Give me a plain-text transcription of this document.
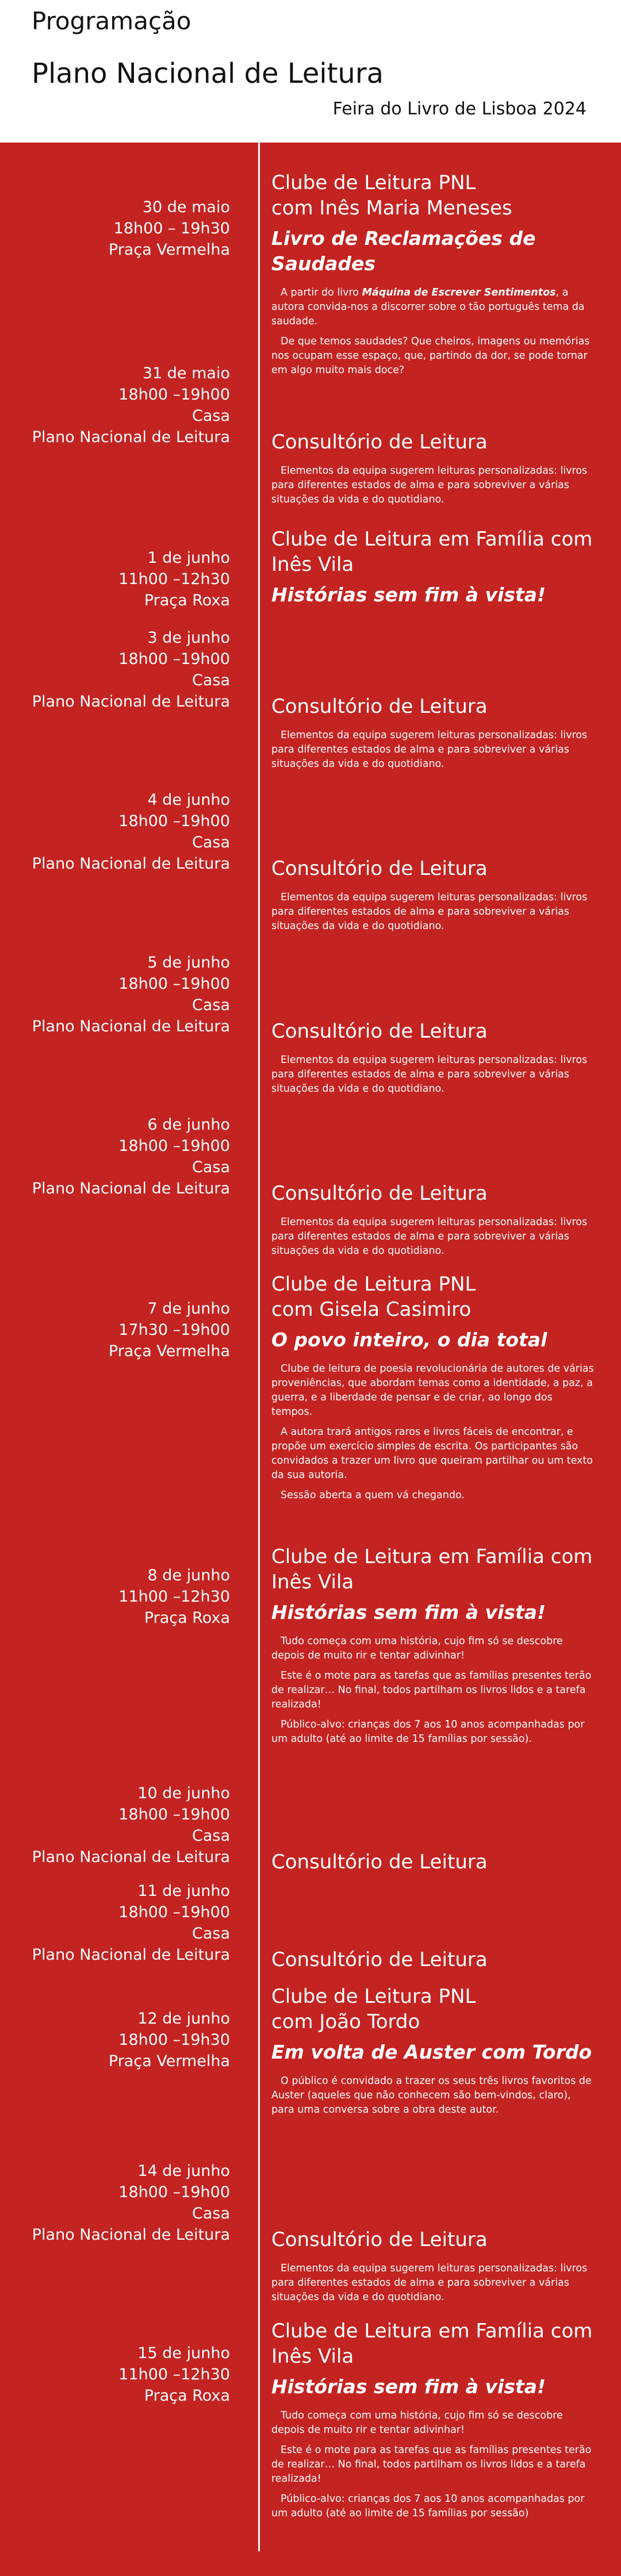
Programação
Plano Nacional de Leitura
Feira do Livro de Lisboa 2024
30 de maio
18h00 – 19h30
Praça Vermelha
Clube de Leitura PNL
com Inês Maria Meneses
Livro de Reclamações de Saudades

A partir do livro Máquina de Escrever Sentimentos, a autora convida-nos a discorrer sobre o tão português tema da saudade.

De que temos saudades? Que cheiros, imagens ou memórias nos ocupam esse espaço, que, partindo da dor, se pode tornar em algo muito mais doce?

31 de maio
18h00 –19h00
Casa
Plano Nacional de Leitura Consultório de Leitura

Elementos da equipa sugerem leituras personalizadas: livros para diferentes estados de alma e para sobreviver a várias situações da vida e do quotidiano.

1 de junho
11h00 –12h30
Praça Roxa
Clube de Leitura em Família com
Inês Vila
Histórias sem fim à vista!
3 de junho
18h00 –19h00
Casa
Plano Nacional de Leitura Consultório de Leitura

Elementos da equipa sugerem leituras personalizadas: livros para diferentes estados de alma e para sobreviver a várias situações da vida e do quotidiano.

4 de junho
18h00 –19h00
Casa
Plano Nacional de Leitura Consultório de Leitura

Elementos da equipa sugerem leituras personalizadas: livros para diferentes estados de alma e para sobreviver a várias situações da vida e do quotidiano.

5 de junho
18h00 –19h00
Casa
Plano Nacional de Leitura Consultório de Leitura

Elementos da equipa sugerem leituras personalizadas: livros para diferentes estados de alma e para sobreviver a várias situações da vida e do quotidiano.

6 de junho
18h00 –19h00
Casa
Plano Nacional de Leitura Consultório de Leitura

Elementos da equipa sugerem leituras personalizadas: livros para diferentes estados de alma e para sobreviver a várias situações da vida e do quotidiano.

7 de junho
17h30 –19h00
Praça Vermelha
Clube de Leitura PNL
com Gisela Casimiro
O povo inteiro, o dia total

Clube de leitura de poesia revolucionária de autores de várias proveniências, que abordam temas como a identidade, a paz, a guerra, e a liberdade de pensar e de criar, ao longo dos tempos.

A autora trará antigos raros e livros fáceis de encontrar, e propõe um exercício simples de escrita. Os participantes são convidados a trazer um livro que queiram partilhar ou um texto da sua autoria.

Sessão aberta a quem vá chegando.

8 de junho
11h00 –12h30
Praça Roxa
Clube de Leitura em Família com
Inês Vila
Histórias sem fim à vista!

Tudo começa com uma história, cujo fim só se descobre depois de muito rir e tentar adivinhar!

Este é o mote para as tarefas que as famílias presentes terão de realizar… No final, todos partilham os livros lidos e a tarefa realizada!

Público-alvo: crianças dos 7 aos 10 anos acompanhadas por um adulto (até ao limite de 15 famílias por sessão).

10 de junho
18h00 –19h00
Casa
Plano Nacional de Leitura Consultório de Leitura
11 de junho
18h00 –19h00
Casa
Plano Nacional de Leitura Consultório de Leitura
12 de junho
18h00 –19h30
Praça Vermelha
Clube de Leitura PNL
com João Tordo
Em volta de Auster com Tordo

O público é convidado a trazer os seus três livros favoritos de Auster (aqueles que não conhecem são bem-vindos, claro), para uma conversa sobre a obra deste autor.

14 de junho
18h00 –19h00
Casa
Plano Nacional de Leitura Consultório de Leitura

Elementos da equipa sugerem leituras personalizadas: livros para diferentes estados de alma e para sobreviver a várias situações da vida e do quotidiano.

15 de junho
11h00 –12h30
Praça Roxa
Clube de Leitura em Família com
Inês Vila
Histórias sem fim à vista!

Tudo começa com uma história, cujo fim só se descobre depois de muito rir e tentar adivinhar!

Este é o mote para as tarefas que as famílias presentes terão de realizar… No final, todos partilham os livros lidos e a tarefa realizada!

Público-alvo: crianças dos 7 aos 10 anos acompanhadas por um adulto (até ao limite de 15 famílias por sessão)
